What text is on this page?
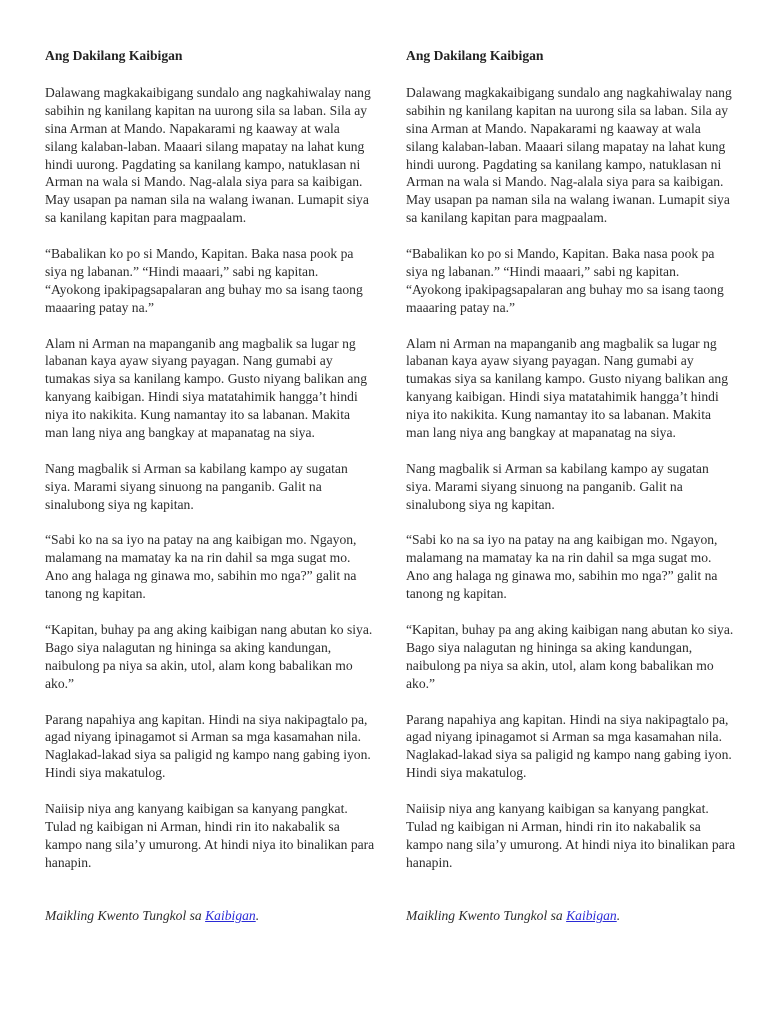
Ang Dakilang Kaibigan

Dalawang magkakaibigang sundalo ang nagkahiwalay nang sabihin ng kanilang kapitan na uurong sila sa laban. Sila ay sina Arman at Mando. Napakarami ng kaaway at wala silang kalaban-laban. Maaari silang mapatay na lahat kung hindi uurong. Pagdating sa kanilang kampo, natuklasan ni Arman na wala si Mando. Nag-alala siya para sa kaibigan. May usapan pa naman sila na walang iwanan. Lumapit siya sa kanilang kapitan para magpaalam.

“Babalikan ko po si Mando, Kapitan. Baka nasa pook pa siya ng labanan.” “Hindi maaari,” sabi ng kapitan. “Ayokong ipakipagsapalaran ang buhay mo sa isang taong maaaring patay na.”

Alam ni Arman na mapanganib ang magbalik sa lugar ng labanan kaya ayaw siyang payagan. Nang gumabi ay tumakas siya sa kanilang kampo. Gusto niyang balikan ang kanyang kaibigan. Hindi siya matatahimik hangga’t hindi niya ito nakikita. Kung namantay ito sa labanan. Makita man lang niya ang bangkay at mapanatag na siya.

Nang magbalik si Arman sa kabilang kampo ay sugatan siya. Marami siyang sinuong na panganib. Galit na sinalubong siya ng kapitan.

“Sabi ko na sa iyo na patay na ang kaibigan mo. Ngayon, malamang na mamatay ka na rin dahil sa mga sugat mo. Ano ang halaga ng ginawa mo, sabihin mo nga?” galit na tanong ng kapitan.

“Kapitan, buhay pa ang aking kaibigan nang abutan ko siya. Bago siya nalagutan ng hininga sa aking kandungan, naibulong pa niya sa akin, utol, alam kong babalikan mo ako.”

Parang napahiya ang kapitan. Hindi na siya nakipagtalo pa, agad niyang ipinagamot si Arman sa mga kasamahan nila. Naglakad-lakad siya sa paligid ng kampo nang gabing iyon. Hindi siya makatulog.

Naiisip niya ang kanyang kaibigan sa kanyang pangkat. Tulad ng kaibigan ni Arman, hindi rin ito nakabalik sa kampo nang sila’y umurong. At hindi niya ito binalikan para hanapin.

Maikling Kwento Tungkol sa Kaibigan.
Ang Dakilang Kaibigan

Dalawang magkakaibigang sundalo ang nagkahiwalay nang sabihin ng kanilang kapitan na uurong sila sa laban. Sila ay sina Arman at Mando. Napakarami ng kaaway at wala silang kalaban-laban. Maaari silang mapatay na lahat kung hindi uurong. Pagdating sa kanilang kampo, natuklasan ni Arman na wala si Mando. Nag-alala siya para sa kaibigan. May usapan pa naman sila na walang iwanan. Lumapit siya sa kanilang kapitan para magpaalam.

“Babalikan ko po si Mando, Kapitan. Baka nasa pook pa siya ng labanan.” “Hindi maaari,” sabi ng kapitan. “Ayokong ipakipagsapalaran ang buhay mo sa isang taong maaaring patay na.”

Alam ni Arman na mapanganib ang magbalik sa lugar ng labanan kaya ayaw siyang payagan. Nang gumabi ay tumakas siya sa kanilang kampo. Gusto niyang balikan ang kanyang kaibigan. Hindi siya matatahimik hangga’t hindi niya ito nakikita. Kung namantay ito sa labanan. Makita man lang niya ang bangkay at mapanatag na siya.

Nang magbalik si Arman sa kabilang kampo ay sugatan siya. Marami siyang sinuong na panganib. Galit na sinalubong siya ng kapitan.

“Sabi ko na sa iyo na patay na ang kaibigan mo. Ngayon, malamang na mamatay ka na rin dahil sa mga sugat mo. Ano ang halaga ng ginawa mo, sabihin mo nga?” galit na tanong ng kapitan.

“Kapitan, buhay pa ang aking kaibigan nang abutan ko siya. Bago siya nalagutan ng hininga sa aking kandungan, naibulong pa niya sa akin, utol, alam kong babalikan mo ako.”

Parang napahiya ang kapitan. Hindi na siya nakipagtalo pa, agad niyang ipinagamot si Arman sa mga kasamahan nila. Naglakad-lakad siya sa paligid ng kampo nang gabing iyon. Hindi siya makatulog.

Naiisip niya ang kanyang kaibigan sa kanyang pangkat. Tulad ng kaibigan ni Arman, hindi rin ito nakabalik sa kampo nang sila’y umurong. At hindi niya ito binalikan para hanapin.

Maikling Kwento Tungkol sa Kaibigan.
